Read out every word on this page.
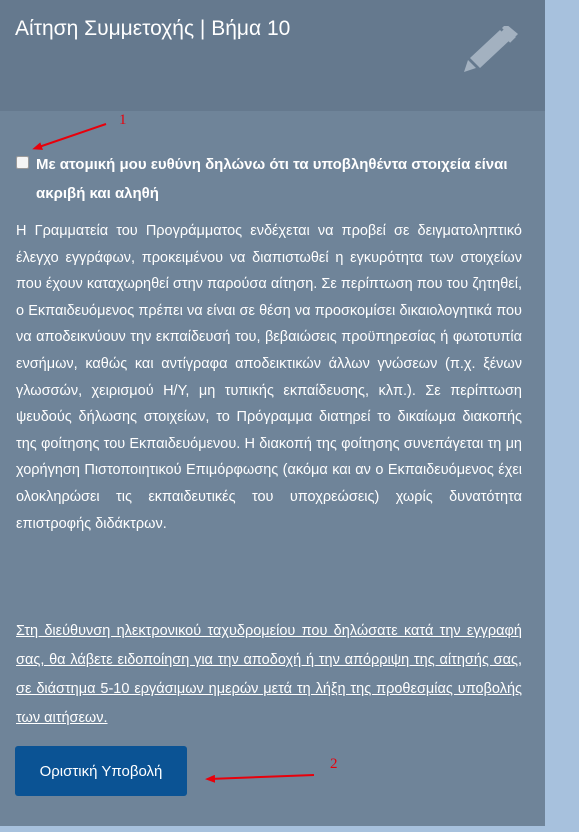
Αίτηση Συμμετοχής | Βήμα 10
Με ατομική μου ευθύνη δηλώνω ότι τα υποβληθέντα στοιχεία είναι ακριβή και αληθή

Η Γραμματεία του Προγράμματος ενδέχεται να προβεί σε δειγματοληπτικό έλεγχο εγγράφων, προκειμένου να διαπιστωθεί η εγκυρότητα των στοιχείων που έχουν καταχωρηθεί στην παρούσα αίτηση. Σε περίπτωση που του ζητηθεί, ο Εκπαιδευόμενος πρέπει να είναι σε θέση να προσκομίσει δικαιολογητικά που να αποδεικνύουν την εκπαίδευσή του, βεβαιώσεις προϋπηρεσίας ή φωτοτυπία ενσήμων, καθώς και αντίγραφα αποδεικτικών άλλων γνώσεων (π.χ. ξένων γλωσσών, χειρισμού Η/Υ, μη τυπικής εκπαίδευσης, κλπ.). Σε περίπτωση ψευδούς δήλωσης στοιχείων, το Πρόγραμμα διατηρεί το δικαίωμα διακοπής της φοίτησης του Εκπαιδευόμενου. Η διακοπή της φοίτησης συνεπάγεται τη μη χορήγηση Πιστοποιητικού Επιμόρφωσης (ακόμα και αν ο Εκπαιδευόμενος έχει ολοκληρώσει τις εκπαιδευτικές του υποχρεώσεις) χωρίς δυνατότητα επιστροφής διδάκτρων.

Στη διεύθυνση ηλεκτρονικού ταχυδρομείου που δηλώσατε κατά την εγγραφή σας, θα λάβετε ειδοποίηση για την αποδοχή ή την απόρριψη της αίτησής σας, σε διάστημα 5-10 εργάσιμων ημερών μετά τη λήξη της προθεσμίας υποβολής των αιτήσεων.

Οριστική Υποβολή
1
2
